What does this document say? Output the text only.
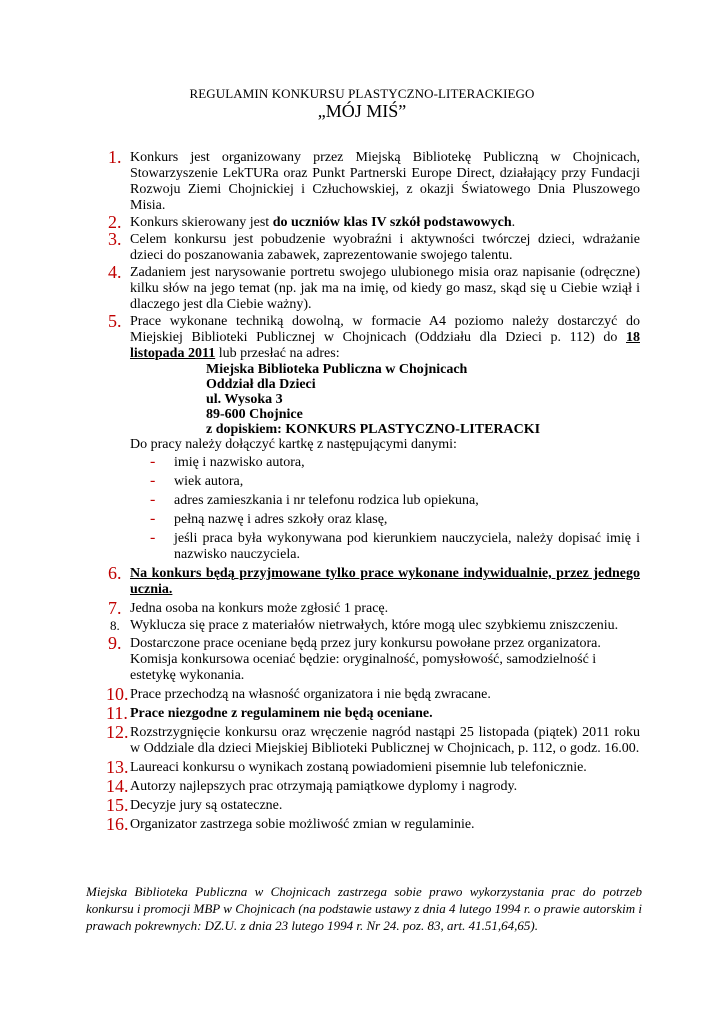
REGULAMIN KONKURSU PLASTYCZNO-LITERACKIEGO
„MÓJ MIŚ”
1. Konkurs jest organizowany przez Miejską Bibliotekę Publiczną w Chojnicach, Stowarzyszenie LekTURa oraz Punkt Partnerski Europe Direct, działający przy Fundacji Rozwoju Ziemi Chojnickiej i Człuchowskiej, z okazji Światowego Dnia Pluszowego Misia.
2. Konkurs skierowany jest do uczniów klas IV szkół podstawowych.
3. Celem konkursu jest pobudzenie wyobraźni i aktywności twórczej dzieci, wdrażanie dzieci do poszanowania zabawek, zaprezentowanie swojego talentu.
4. Zadaniem jest narysowanie portretu swojego ulubionego misia oraz napisanie (odręczne) kilku słów na jego temat (np. jak ma na imię, od kiedy go masz, skąd się u Ciebie wziął i dlaczego jest dla Ciebie ważny).
5. Prace wykonane techniką dowolną, w formacie A4 poziomo należy dostarczyć do Miejskiej Biblioteki Publicznej w Chojnicach (Oddziału dla Dzieci p. 112) do 18 listopada 2011 lub przesłać na adres:
Miejska Biblioteka Publiczna w Chojnicach
Oddział dla Dzieci
ul. Wysoka 3
89-600 Chojnice
z dopiskiem: KONKURS PLASTYCZNO-LITERACKI
Do pracy należy dołączyć kartkę z następującymi danymi:
- imię i nazwisko autora,
- wiek autora,
- adres zamieszkania i nr telefonu rodzica lub opiekuna,
- pełną nazwę i adres szkoły oraz klasę,
- jeśli praca była wykonywana pod kierunkiem nauczyciela, należy dopisać imię i nazwisko nauczyciela.
6. Na konkurs będą przyjmowane tylko prace wykonane indywidualnie, przez jednego ucznia.
7. Jedna osoba na konkurs może zgłosić 1 pracę.
8. Wyklucza się prace z materiałów nietrwałych, które mogą ulec szybkiemu zniszczeniu.
9. Dostarczone prace oceniane będą przez jury konkursu powołane przez organizatora. Komisja konkursowa oceniać będzie: oryginalność, pomysłowość, samodzielność i estetykę wykonania.
10. Prace przechodzą na własność organizatora i nie będą zwracane.
11. Prace niezgodne z regulaminem nie będą oceniane.
12. Rozstrzygnięcie konkursu oraz wręczenie nagród nastąpi 25 listopada (piątek) 2011 roku w Oddziale dla dzieci Miejskiej Biblioteki Publicznej w Chojnicach, p. 112, o godz. 16.00.
13. Laureaci konkursu o wynikach zostaną powiadomieni pisemnie lub telefonicznie.
14. Autorzy najlepszych prac otrzymają pamiątkowe dyplomy i nagrody.
15. Decyzje jury są ostateczne.
16. Organizator zastrzega sobie możliwość zmian w regulaminie.
Miejska Biblioteka Publiczna w Chojnicach zastrzega sobie prawo wykorzystania prac do potrzeb konkursu i promocji MBP w Chojnicach (na podstawie ustawy z dnia 4 lutego 1994 r. o prawie autorskim i prawach pokrewnych: DZ.U. z dnia 23 lutego 1994 r. Nr 24. poz. 83, art. 41.51,64,65).
